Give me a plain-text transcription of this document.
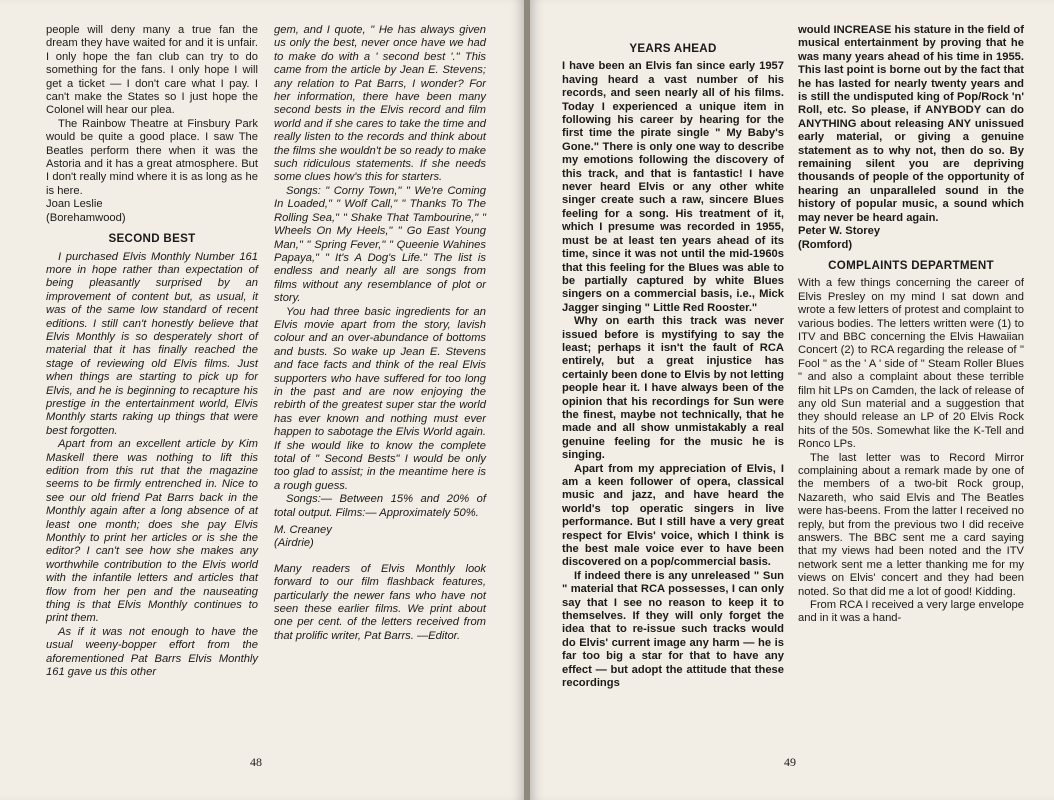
people will deny many a true fan the dream they have waited for and it is unfair. I only hope the fan club can try to do something for the fans. I only hope I will get a ticket — I don't care what I pay. I can't make the States so I just hope the Colonel will hear our plea.

The Rainbow Theatre at Finsbury Park would be quite a good place. I saw The Beatles perform there when it was the Astoria and it has a great atmosphere. But I don't really mind where it is as long as he is here.

Joan Leslie
(Borehamwood)
SECOND BEST

I purchased Elvis Monthly Number 161 more in hope rather than expectation of being pleasantly surprised by an improvement of content but, as usual, it was of the same low standard of recent editions. I still can't honestly believe that Elvis Monthly is so desperately short of material that it has finally reached the stage of reviewing old Elvis films. Just when things are starting to pick up for Elvis, and he is beginning to recapture his prestige in the entertainment world, Elvis Monthly starts raking up things that were best forgotten.

Apart from an excellent article by Kim Maskell there was nothing to lift this edition from this rut that the magazine seems to be firmly entrenched in. Nice to see our old friend Pat Barrs back in the Monthly again after a long absence of at least one month; does she pay Elvis Monthly to print her articles or is she the editor? I can't see how she makes any worthwhile contribution to the Elvis world with the infantile letters and articles that flow from her pen and the nauseating thing is that Elvis Monthly continues to print them.

As if it was not enough to have the usual weeny-bopper effort from the aforementioned Pat Barrs Elvis Monthly 161 gave us this other

gem, and I quote, " He has always given us only the best, never once have we had to make do with a ' second best '." This came from the article by Jean E. Stevens; any relation to Pat Barrs, I wonder? For her information, there have been many second bests in the Elvis record and film world and if she cares to take the time and really listen to the records and think about the films she wouldn't be so ready to make such ridiculous statements. If she needs some clues how's this for starters.

Songs: " Corny Town," " We're Coming In Loaded," " Wolf Call," " Thanks To The Rolling Sea," " Shake That Tambourine," " Wheels On My Heels," " Go East Young Man," " Spring Fever," " Queenie Wahines Papaya," " It's A Dog's Life." The list is endless and nearly all are songs from films without any resemblance of plot or story.

You had three basic ingredients for an Elvis movie apart from the story, lavish colour and an over-abundance of bottoms and busts. So wake up Jean E. Stevens and face facts and think of the real Elvis supporters who have suffered for too long in the past and are now enjoying the rebirth of the greatest super star the world has ever known and nothing must ever happen to sabotage the Elvis World again. If she would like to know the complete total of " Second Bests" I would be only too glad to assist; in the meantime here is a rough guess.

Songs:— Between 15% and 20% of total output. Films:— Approximately 50%.

M. Creaney
(Airdrie)

Many readers of Elvis Monthly look forward to our film flashback features, particularly the newer fans who have not seen these earlier films. We print about one per cent. of the letters received from that prolific writer, Pat Barrs. —Editor.

48
YEARS AHEAD

I have been an Elvis fan since early 1957 having heard a vast number of his records, and seen nearly all of his films. Today I experienced a unique item in following his career by hearing for the first time the pirate single " My Baby's Gone." There is only one way to describe my emotions following the discovery of this track, and that is fantastic! I have never heard Elvis or any other white singer create such a raw, sincere Blues feeling for a song. His treatment of it, which I presume was recorded in 1955, must be at least ten years ahead of its time, since it was not until the mid-1960s that this feeling for the Blues was able to be partially captured by white Blues singers on a commercial basis, i.e., Mick Jagger singing " Little Red Rooster."

Why on earth this track was never issued before is mystifying to say the least; perhaps it isn't the fault of RCA entirely, but a great injustice has certainly been done to Elvis by not letting people hear it. I have always been of the opinion that his recordings for Sun were the finest, maybe not technically, that he made and all show unmistakably a real genuine feeling for the music he is singing.

Apart from my appreciation of Elvis, I am a keen follower of opera, classical music and jazz, and have heard the world's top operatic singers in live performance. But I still have a very great respect for Elvis' voice, which I think is the best male voice ever to have been discovered on a pop/commercial basis.

If indeed there is any unreleased " Sun " material that RCA possesses, I can only say that I see no reason to keep it to themselves. If they will only forget the idea that to re-issue such tracks would do Elvis' current image any harm — he is far too big a star for that to have any effect — but adopt the attitude that these recordings

would INCREASE his stature in the field of musical entertainment by proving that he was many years ahead of his time in 1955. This last point is borne out by the fact that he has lasted for nearly twenty years and is still the undisputed king of Pop/Rock 'n' Roll, etc. So please, if ANYBODY can do ANYTHING about releasing ANY unissued early material, or giving a genuine statement as to why not, then do so. By remaining silent you are depriving thousands of people of the opportunity of hearing an unparalleled sound in the history of popular music, a sound which may never be heard again.

Peter W. Storey
(Romford)
COMPLAINTS DEPARTMENT

With a few things concerning the career of Elvis Presley on my mind I sat down and wrote a few letters of protest and complaint to various bodies. The letters written were (1) to ITV and BBC concerning the Elvis Hawaiian Concert (2) to RCA regarding the release of " Fool " as the ' A ' side of " Steam Roller Blues " and also a complaint about these terrible film hit LPs on Camden, the lack of release of any old Sun material and a suggestion that they should release an LP of 20 Elvis Rock hits of the 50s. Somewhat like the K-Tell and Ronco LPs.

The last letter was to Record Mirror complaining about a remark made by one of the members of a two-bit Rock group, Nazareth, who said Elvis and The Beatles were has-beens. From the latter I received no reply, but from the previous two I did receive answers. The BBC sent me a card saying that my views had been noted and the ITV network sent me a letter thanking me for my views on Elvis' concert and they had been noted. So that did me a lot of good! Kidding.

From RCA I received a very large envelope and in it was a hand-

49
